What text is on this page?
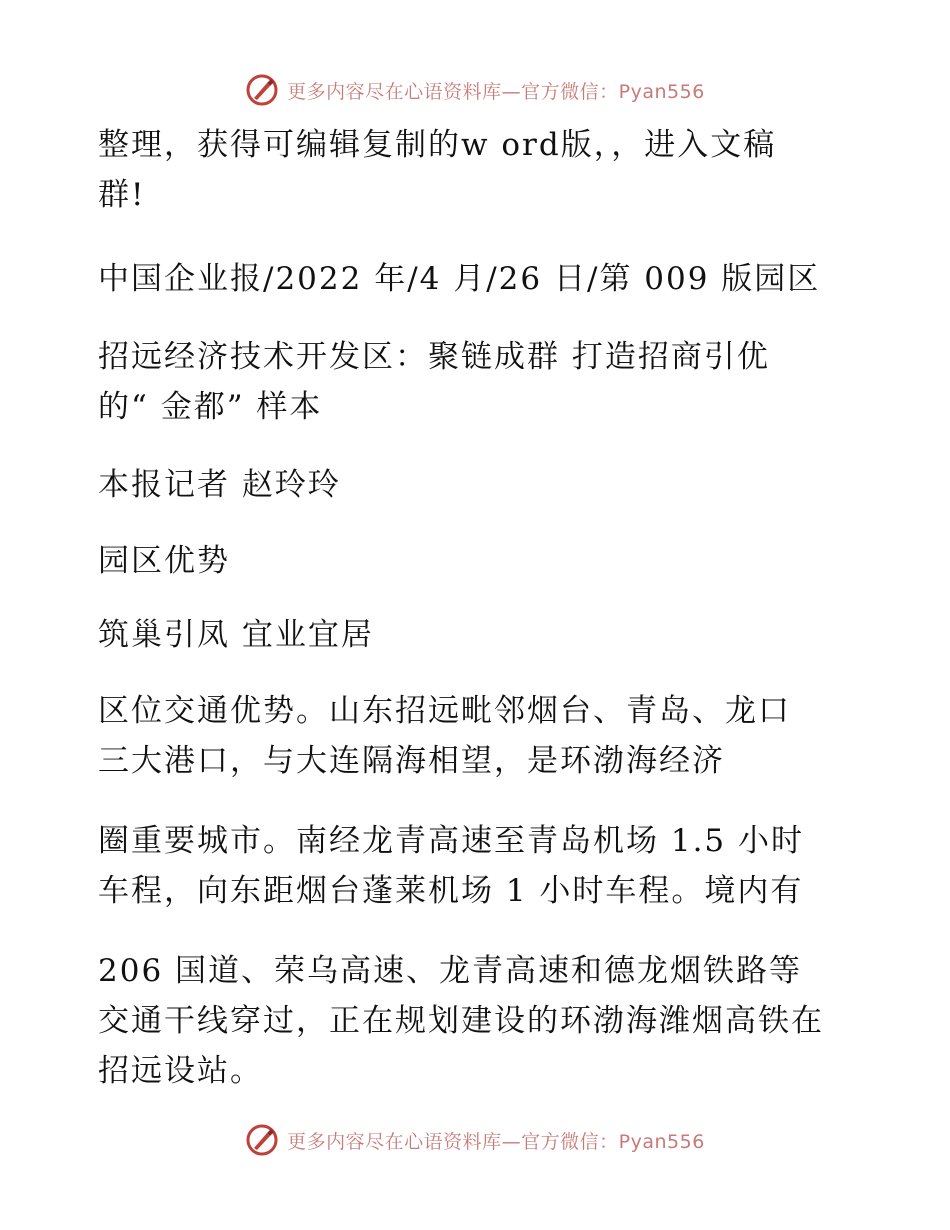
更多内容尽在心语资料库—官方微信：Pyan556
整理，获得可编辑复制的w ord版，，进入文稿
群!
中国企业报/2022 年/4 月/26 日/第 009 版园区
招远经济技术开发区：聚链成群 打造招商引优
的“ 金都” 样本
本报记者 赵玲玲
园区优势
筑巢引凤 宜业宜居
区位交通优势。山东招远毗邻烟台、青岛、龙口
三大港口，与大连隔海相望，是环渤海经济
圈重要城市。南经龙青高速至青岛机场 1.5 小时
车程，向东距烟台蓬莱机场 1 小时车程。境内有
206 国道、荣乌高速、龙青高速和德龙烟铁路等
交通干线穿过，正在规划建设的环渤海潍烟高铁在
招远设站。
更多内容尽在心语资料库—官方微信：Pyan556
